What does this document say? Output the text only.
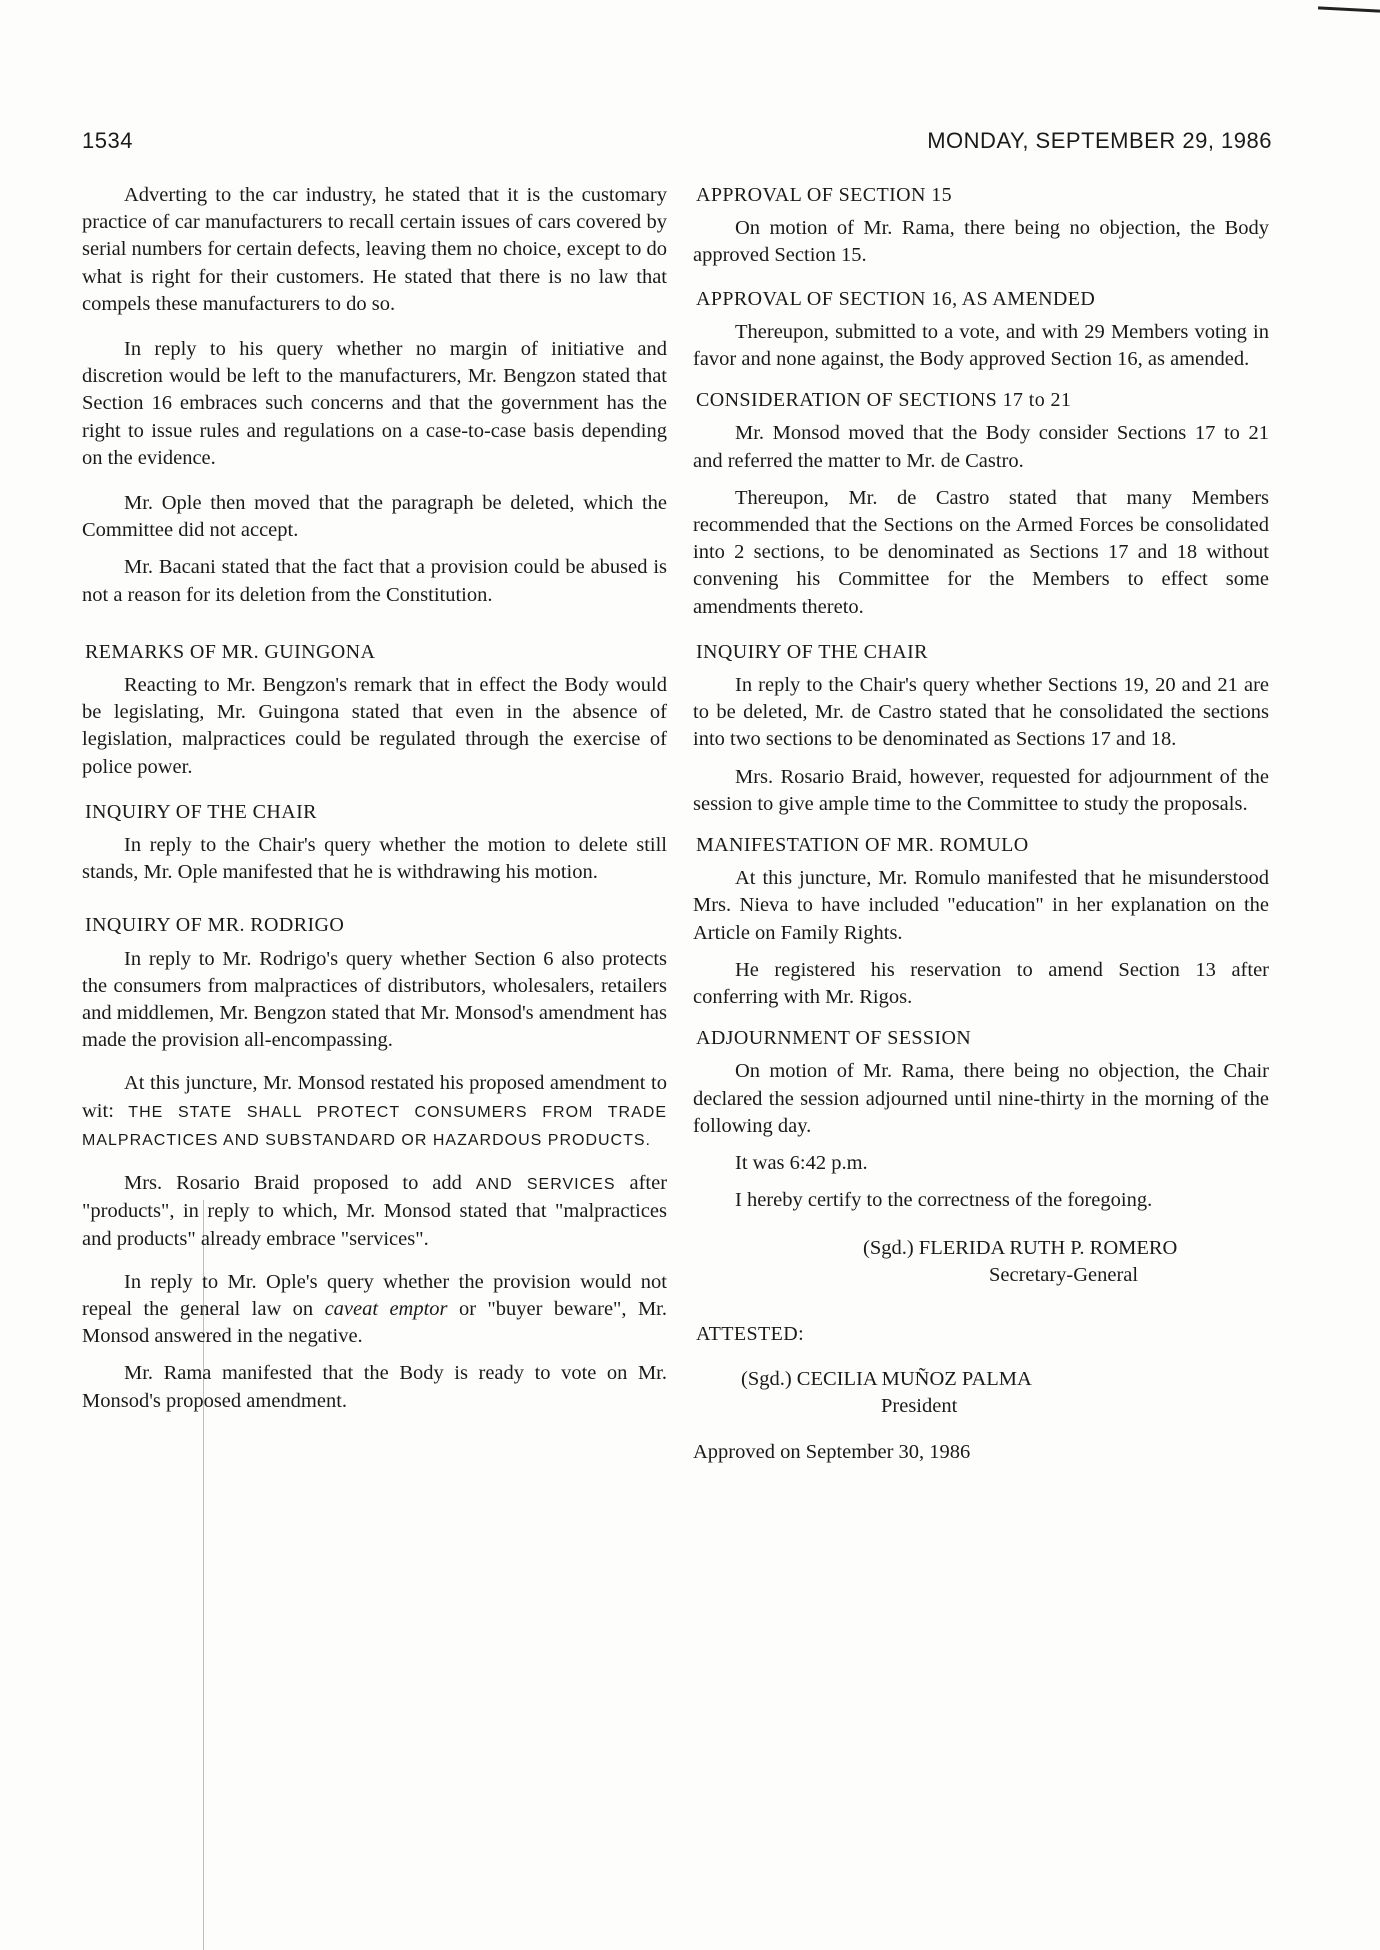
1534	MONDAY, SEPTEMBER 29, 1986

Adverting to the car industry, he stated that it is the customary practice of car manufacturers to recall certain issues of cars covered by serial numbers for certain defects, leaving them no choice, except to do what is right for their customers. He stated that there is no law that compels these manufacturers to do so.

In reply to his query whether no margin of initiative and discretion would be left to the manufacturers, Mr. Bengzon stated that Section 16 embraces such concerns and that the government has the right to issue rules and regulations on a case-to-case basis depending on the evidence.

Mr. Ople then moved that the paragraph be deleted, which the Committee did not accept.

Mr. Bacani stated that the fact that a provision could be abused is not a reason for its deletion from the Constitution.

REMARKS OF MR. GUINGONA

Reacting to Mr. Bengzon's remark that in effect the Body would be legislating, Mr. Guingona stated that even in the absence of legislation, malpractices could be regulated through the exercise of police power.

INQUIRY OF THE CHAIR

In reply to the Chair's query whether the motion to delete still stands, Mr. Ople manifested that he is withdrawing his motion.

INQUIRY OF MR. RODRIGO

In reply to Mr. Rodrigo's query whether Section 6 also protects the consumers from malpractices of distributors, wholesalers, retailers and middlemen, Mr. Bengzon stated that Mr. Monsod's amendment has made the provision all-encompassing.

At this juncture, Mr. Monsod restated his proposed amendment to wit: THE STATE SHALL PROTECT CONSUMERS FROM TRADE MALPRACTICES AND SUBSTANDARD OR HAZARDOUS PRODUCTS.

Mrs. Rosario Braid proposed to add AND SERVICES after "products", in reply to which, Mr. Monsod stated that "malpractices and products" already embrace "services".

In reply to Mr. Ople's query whether the provision would not repeal the general law on caveat emptor or "buyer beware", Mr. Monsod answered in the negative.

Mr. Rama manifested that the Body is ready to vote on Mr. Monsod's proposed amendment.

APPROVAL OF SECTION 15

On motion of Mr. Rama, there being no objection, the Body approved Section 15.

APPROVAL OF SECTION 16, AS AMENDED

Thereupon, submitted to a vote, and with 29 Members voting in favor and none against, the Body approved Section 16, as amended.

CONSIDERATION OF SECTIONS 17 to 21

Mr. Monsod moved that the Body consider Sections 17 to 21 and referred the matter to Mr. de Castro.

Thereupon, Mr. de Castro stated that many Members recommended that the Sections on the Armed Forces be consolidated into 2 sections, to be denominated as Sections 17 and 18 without convening his Committee for the Members to effect some amendments thereto.

INQUIRY OF THE CHAIR

In reply to the Chair's query whether Sections 19, 20 and 21 are to be deleted, Mr. de Castro stated that he consolidated the sections into two sections to be denominated as Sections 17 and 18.

Mrs. Rosario Braid, however, requested for adjournment of the session to give ample time to the Committee to study the proposals.

MANIFESTATION OF MR. ROMULO

At this juncture, Mr. Romulo manifested that he misunderstood Mrs. Nieva to have included "education" in her explanation on the Article on Family Rights.

He registered his reservation to amend Section 13 after conferring with Mr. Rigos.

ADJOURNMENT OF SESSION

On motion of Mr. Rama, there being no objection, the Chair declared the session adjourned until nine-thirty in the morning of the following day.

It was 6:42 p.m.

I hereby certify to the correctness of the foregoing.

(Sgd.) FLERIDA RUTH P. ROMERO
Secretary-General

ATTESTED:

(Sgd.) CECILIA MUÑOZ PALMA
President

Approved on September 30, 1986
